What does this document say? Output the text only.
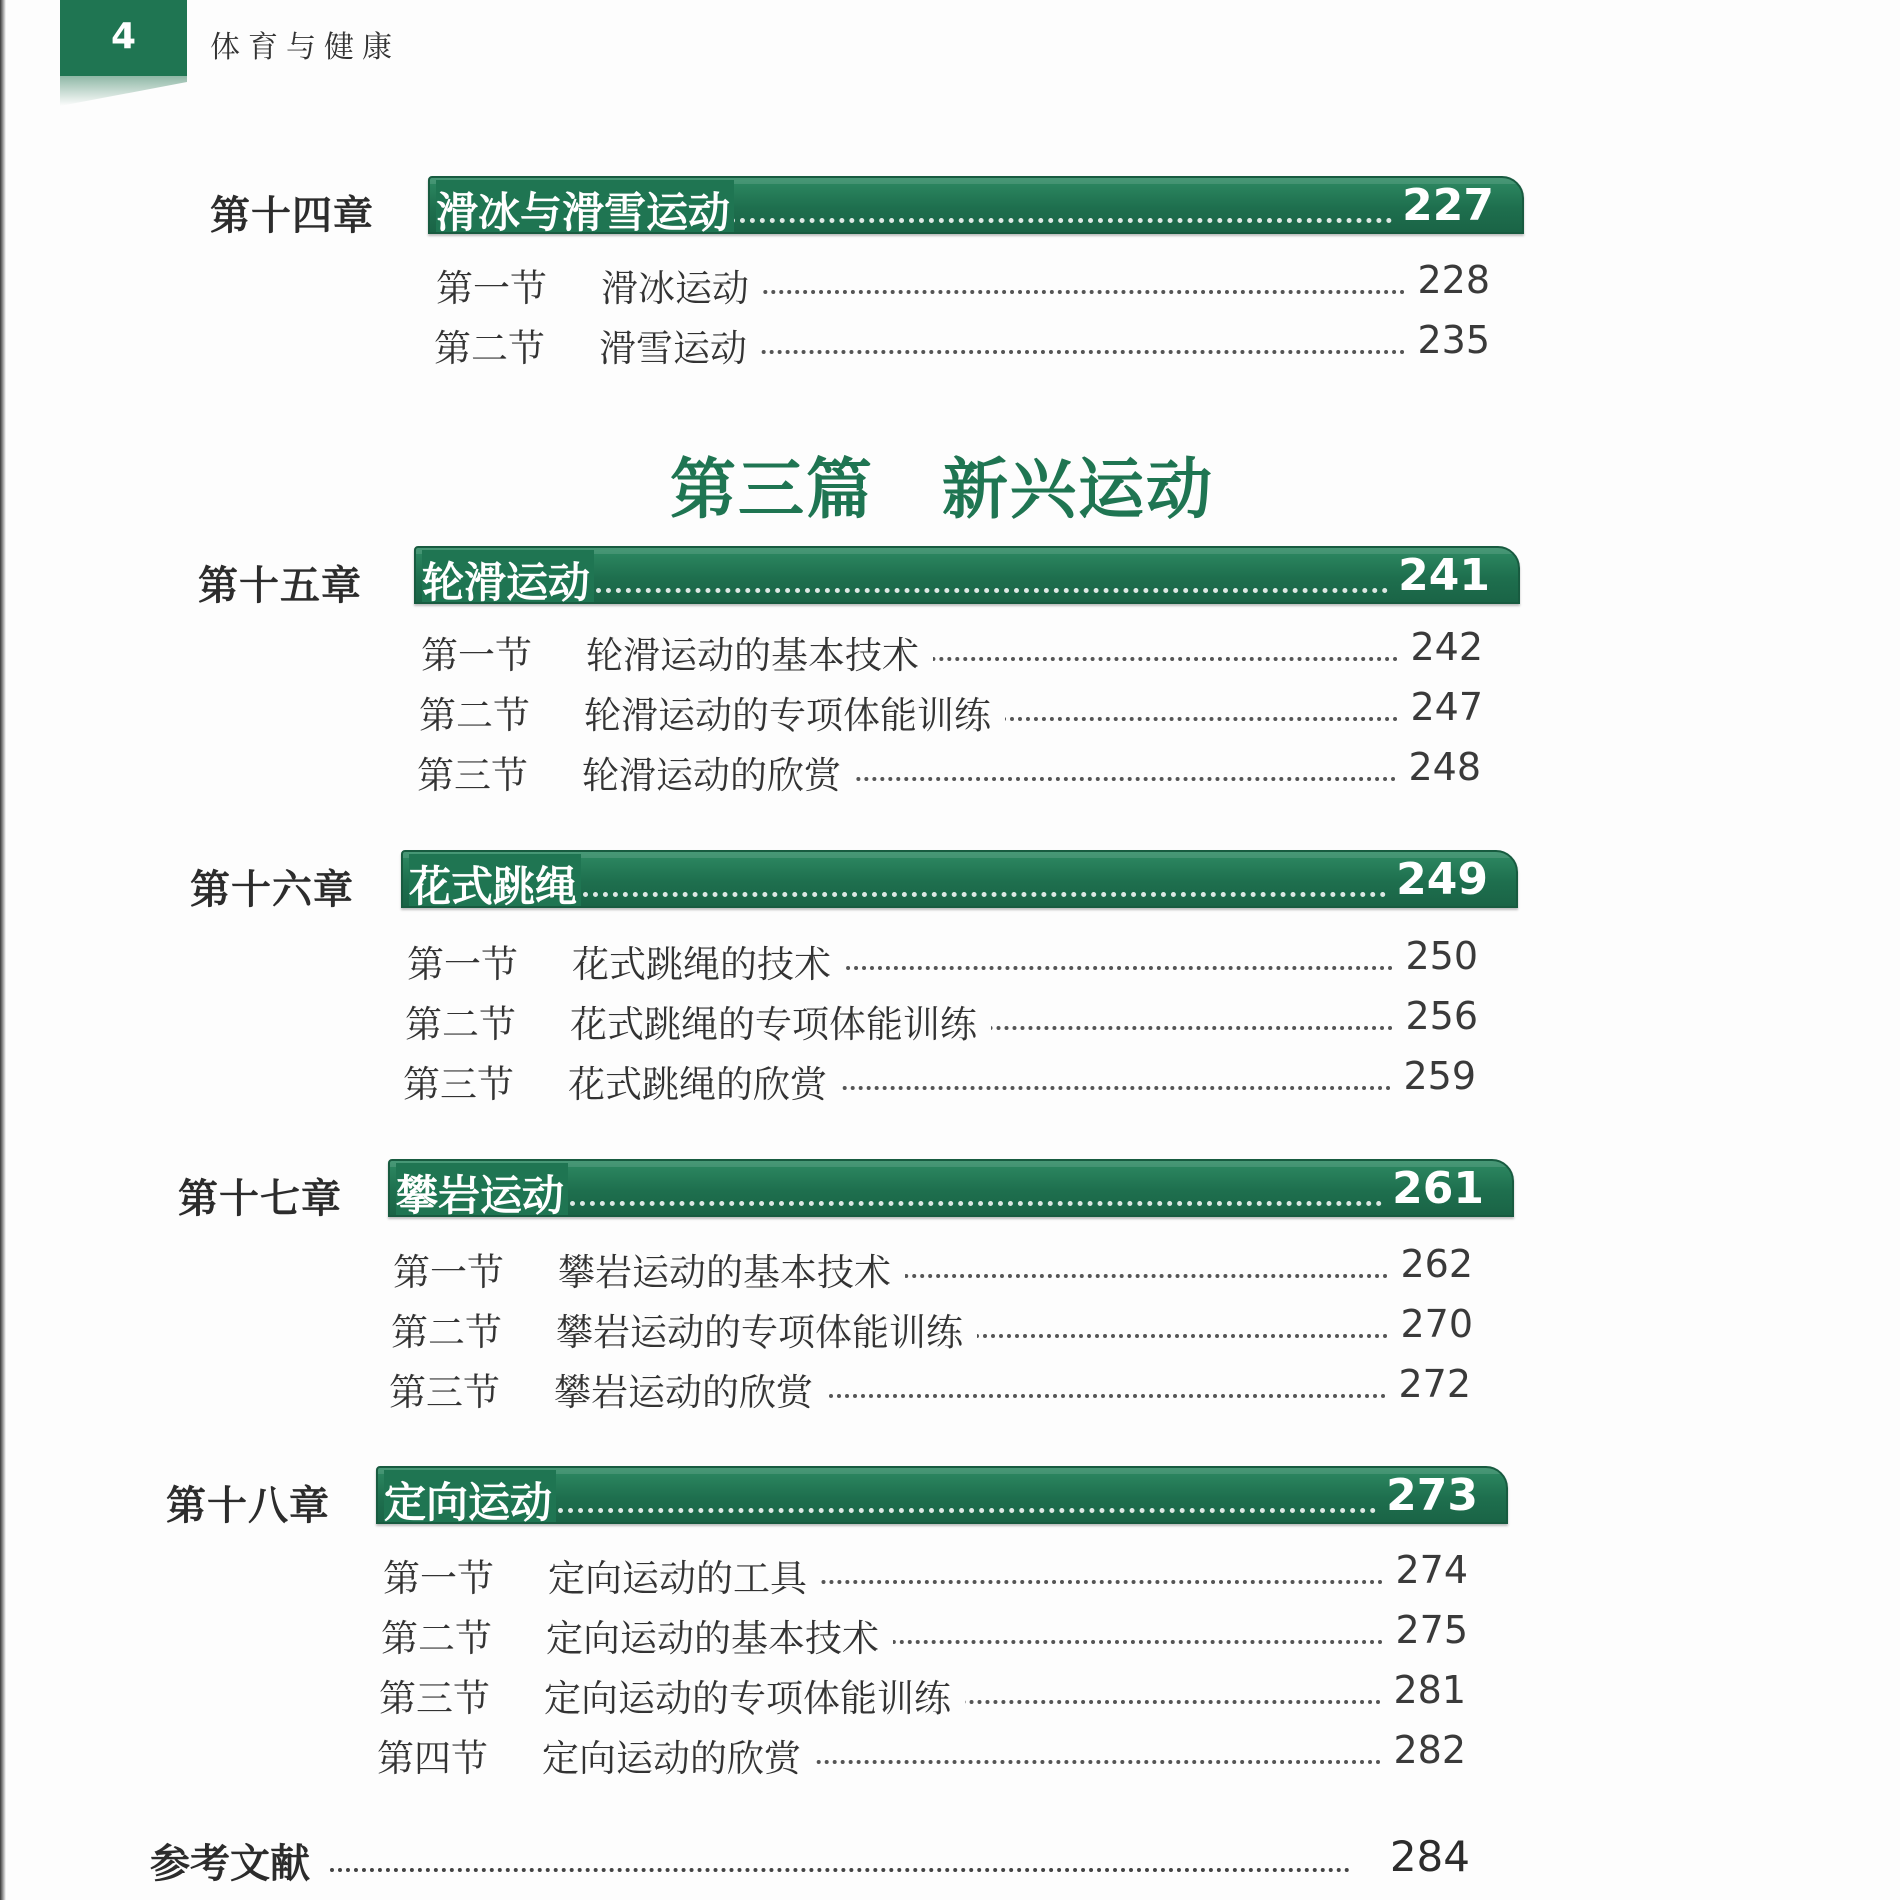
4	体育与健康
第十四章 滑冰与滑雪运动	227
第一节 滑冰运动	228
第二节 滑雪运动	235
第三篇　新兴运动
第十五章 轮滑运动	241
第一节 轮滑运动的基本技术	242
第二节 轮滑运动的专项体能训练	247
第三节 轮滑运动的欣赏	248
第十六章 花式跳绳	249
第一节 花式跳绳的技术	250
第二节 花式跳绳的专项体能训练	256
第三节 花式跳绳的欣赏	259
第十七章 攀岩运动	261
第一节 攀岩运动的基本技术	262
第二节 攀岩运动的专项体能训练	270
第三节 攀岩运动的欣赏	272
第十八章 定向运动	273
第一节 定向运动的工具	274
第二节 定向运动的基本技术	275
第三节 定向运动的专项体能训练	281
第四节 定向运动的欣赏	282
参考文献	284
